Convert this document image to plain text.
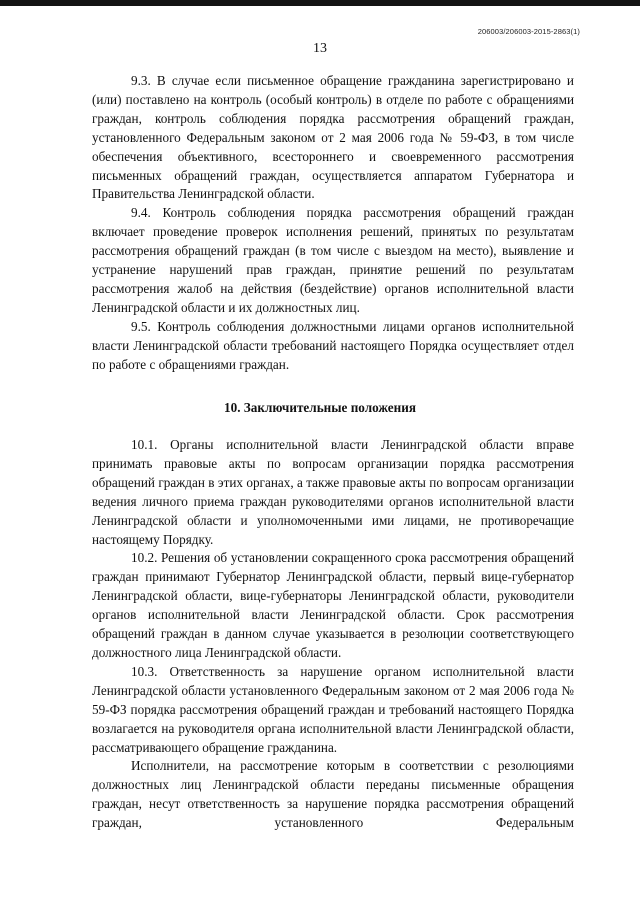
206003/206003-2015-2863(1)
13

9.3. В случае если письменное обращение гражданина зарегистрировано и (или) поставлено на контроль (особый контроль) в отделе по работе с обращениями граждан, контроль соблюдения порядка рассмотрения обращений граждан, установленного Федеральным законом от 2 мая 2006 года № 59-ФЗ, в том числе обеспечения объективного, всестороннего и своевременного рассмотрения письменных обращений граждан, осуществляется аппаратом Губернатора и Правительства Ленинградской области.

9.4. Контроль соблюдения порядка рассмотрения обращений граждан включает проведение проверок исполнения решений, принятых по результатам рассмотрения обращений граждан (в том числе с выездом на место), выявление и устранение нарушений прав граждан, принятие решений по результатам рассмотрения жалоб на действия (бездействие) органов исполнительной власти Ленинградской области и их должностных лиц.

9.5. Контроль соблюдения должностными лицами органов исполнительной власти Ленинградской области требований настоящего Порядка осуществляет отдел по работе с обращениями граждан.

10. Заключительные положения

10.1. Органы исполнительной власти Ленинградской области вправе принимать правовые акты по вопросам организации порядка рассмотрения обращений граждан в этих органах, а также правовые акты по вопросам организации ведения личного приема граждан руководителями органов исполнительной власти Ленинградской области и уполномоченными ими лицами, не противоречащие настоящему Порядку.

10.2. Решения об установлении сокращенного срока рассмотрения обращений граждан принимают Губернатор Ленинградской области, первый вице-губернатор Ленинградской области, вице-губернаторы Ленинградской области, руководители органов исполнительной власти Ленинградской области. Срок рассмотрения обращений граждан в данном случае указывается в резолюции соответствующего должностного лица Ленинградской области.

10.3. Ответственность за нарушение органом исполнительной власти Ленинградской области установленного Федеральным законом от 2 мая 2006 года № 59-ФЗ порядка рассмотрения обращений граждан и требований настоящего Порядка возлагается на руководителя органа исполнительной власти Ленинградской области, рассматривающего обращение гражданина.

Исполнители, на рассмотрение которым в соответствии с резолюциями должностных лиц Ленинградской области переданы письменные обращения граждан, несут ответственность за нарушение порядка рассмотрения обращений граждан, установленного Федеральным
